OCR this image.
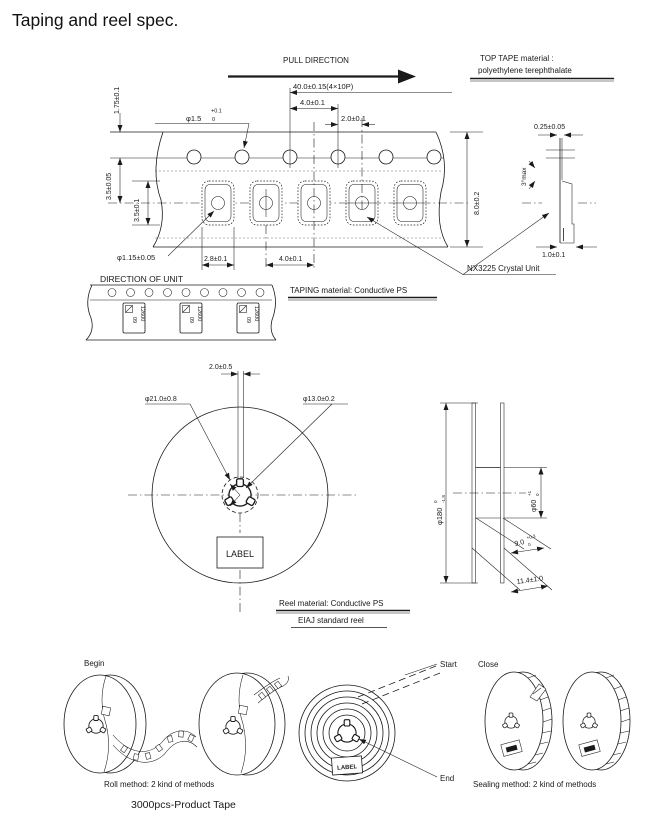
Taping and reel spec.
PULL DIRECTION	TOP TAPE material :
polyethylene terephthalate
40.0±0.15(4×10P)
4.0±0.1
2.0±0.1
φ1.5
+0.1
0
1.75±0.1
3.5±0.05
3.5±0.1	8.0±0.2
φ1.15±0.05	2.8±0.1	4.0±0.1
NX3225 Crystal Unit
0.25±0.05
3°max
1.0±0.1
DIRECTION OF UNIT
12600
09	12600
09	12600
09
TAPING material: Conductive PS
2.0±0.5
φ21.0±0.8	φ13.0±0.2
LABEL
φ180
0 -1.8
φ60
+1 0
9.0
+0.3
0
11.4±1.0
Reel material: Conductive PS
EIAJ standard reel
Begin
Roll method: 2 kind of methods
3000pcs-Product Tape
Start
End
LABEL
Close
Sealing method: 2 kind of methods
